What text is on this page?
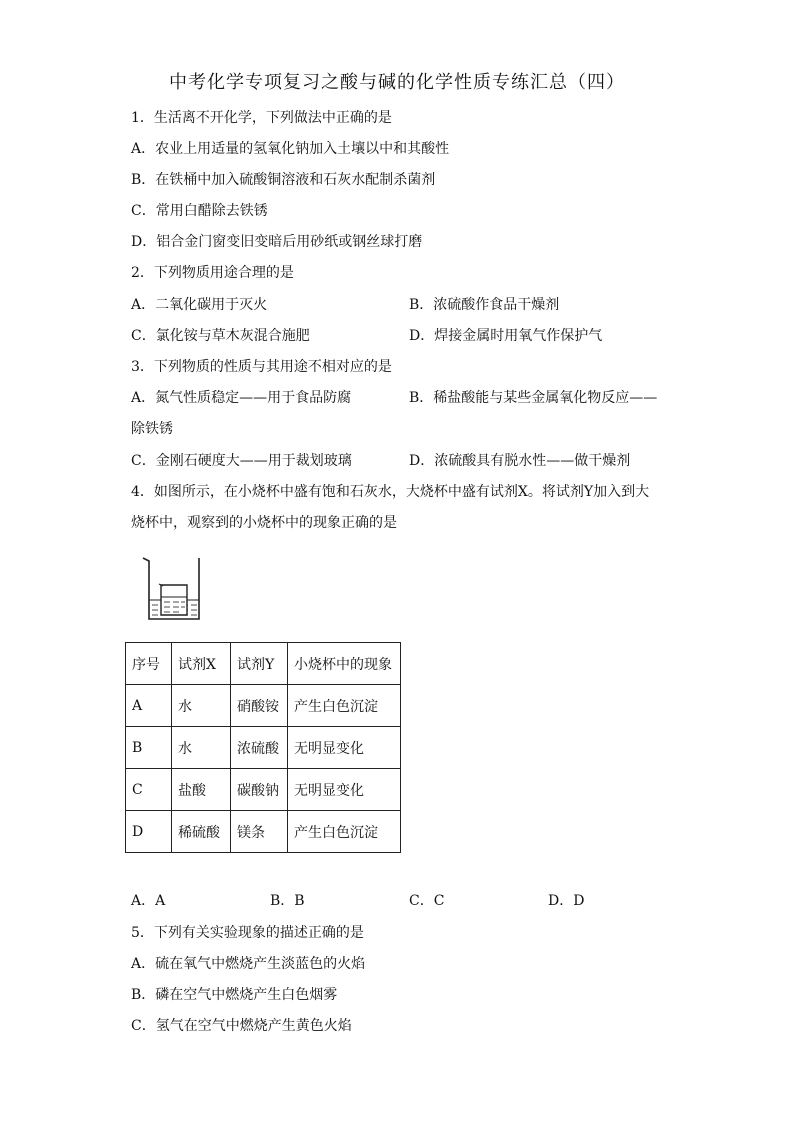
中考化学专项复习之酸与碱的化学性质专练汇总（四）
1．生活离不开化学，下列做法中正确的是
A．农业上用适量的氢氧化钠加入土壤以中和其酸性
B．在铁桶中加入硫酸铜溶液和石灰水配制杀菌剂
C．常用白醋除去铁锈
D．铝合金门窗变旧变暗后用砂纸或钢丝球打磨
2．下列物质用途合理的是
A．二氧化碳用于灭火	B．浓硫酸作食品干燥剂
C．氯化铵与草木灰混合施肥	D．焊接金属时用氧气作保护气
3．下列物质的性质与其用途不相对应的是
A．氮气性质稳定——用于食品防腐	B．稀盐酸能与某些金属氧化物反应——
除铁锈
C．金刚石硬度大——用于裁划玻璃	D．浓硫酸具有脱水性——做干燥剂
4．如图所示，在小烧杯中盛有饱和石灰水，大烧杯中盛有试剂X。将试剂Y加入到大
烧杯中，观察到的小烧杯中的现象正确的是
序号	试剂X	试剂Y	小烧杯中的现象
A	水	硝酸铵	产生白色沉淀
B	水	浓硫酸	无明显变化
C	盐酸	碳酸钠	无明显变化
D	稀硫酸	镁条	产生白色沉淀
A．A	B．B	C．C	D．D
5．下列有关实验现象的描述正确的是
A．硫在氧气中燃烧产生淡蓝色的火焰
B．磷在空气中燃烧产生白色烟雾
C．氢气在空气中燃烧产生黄色火焰
